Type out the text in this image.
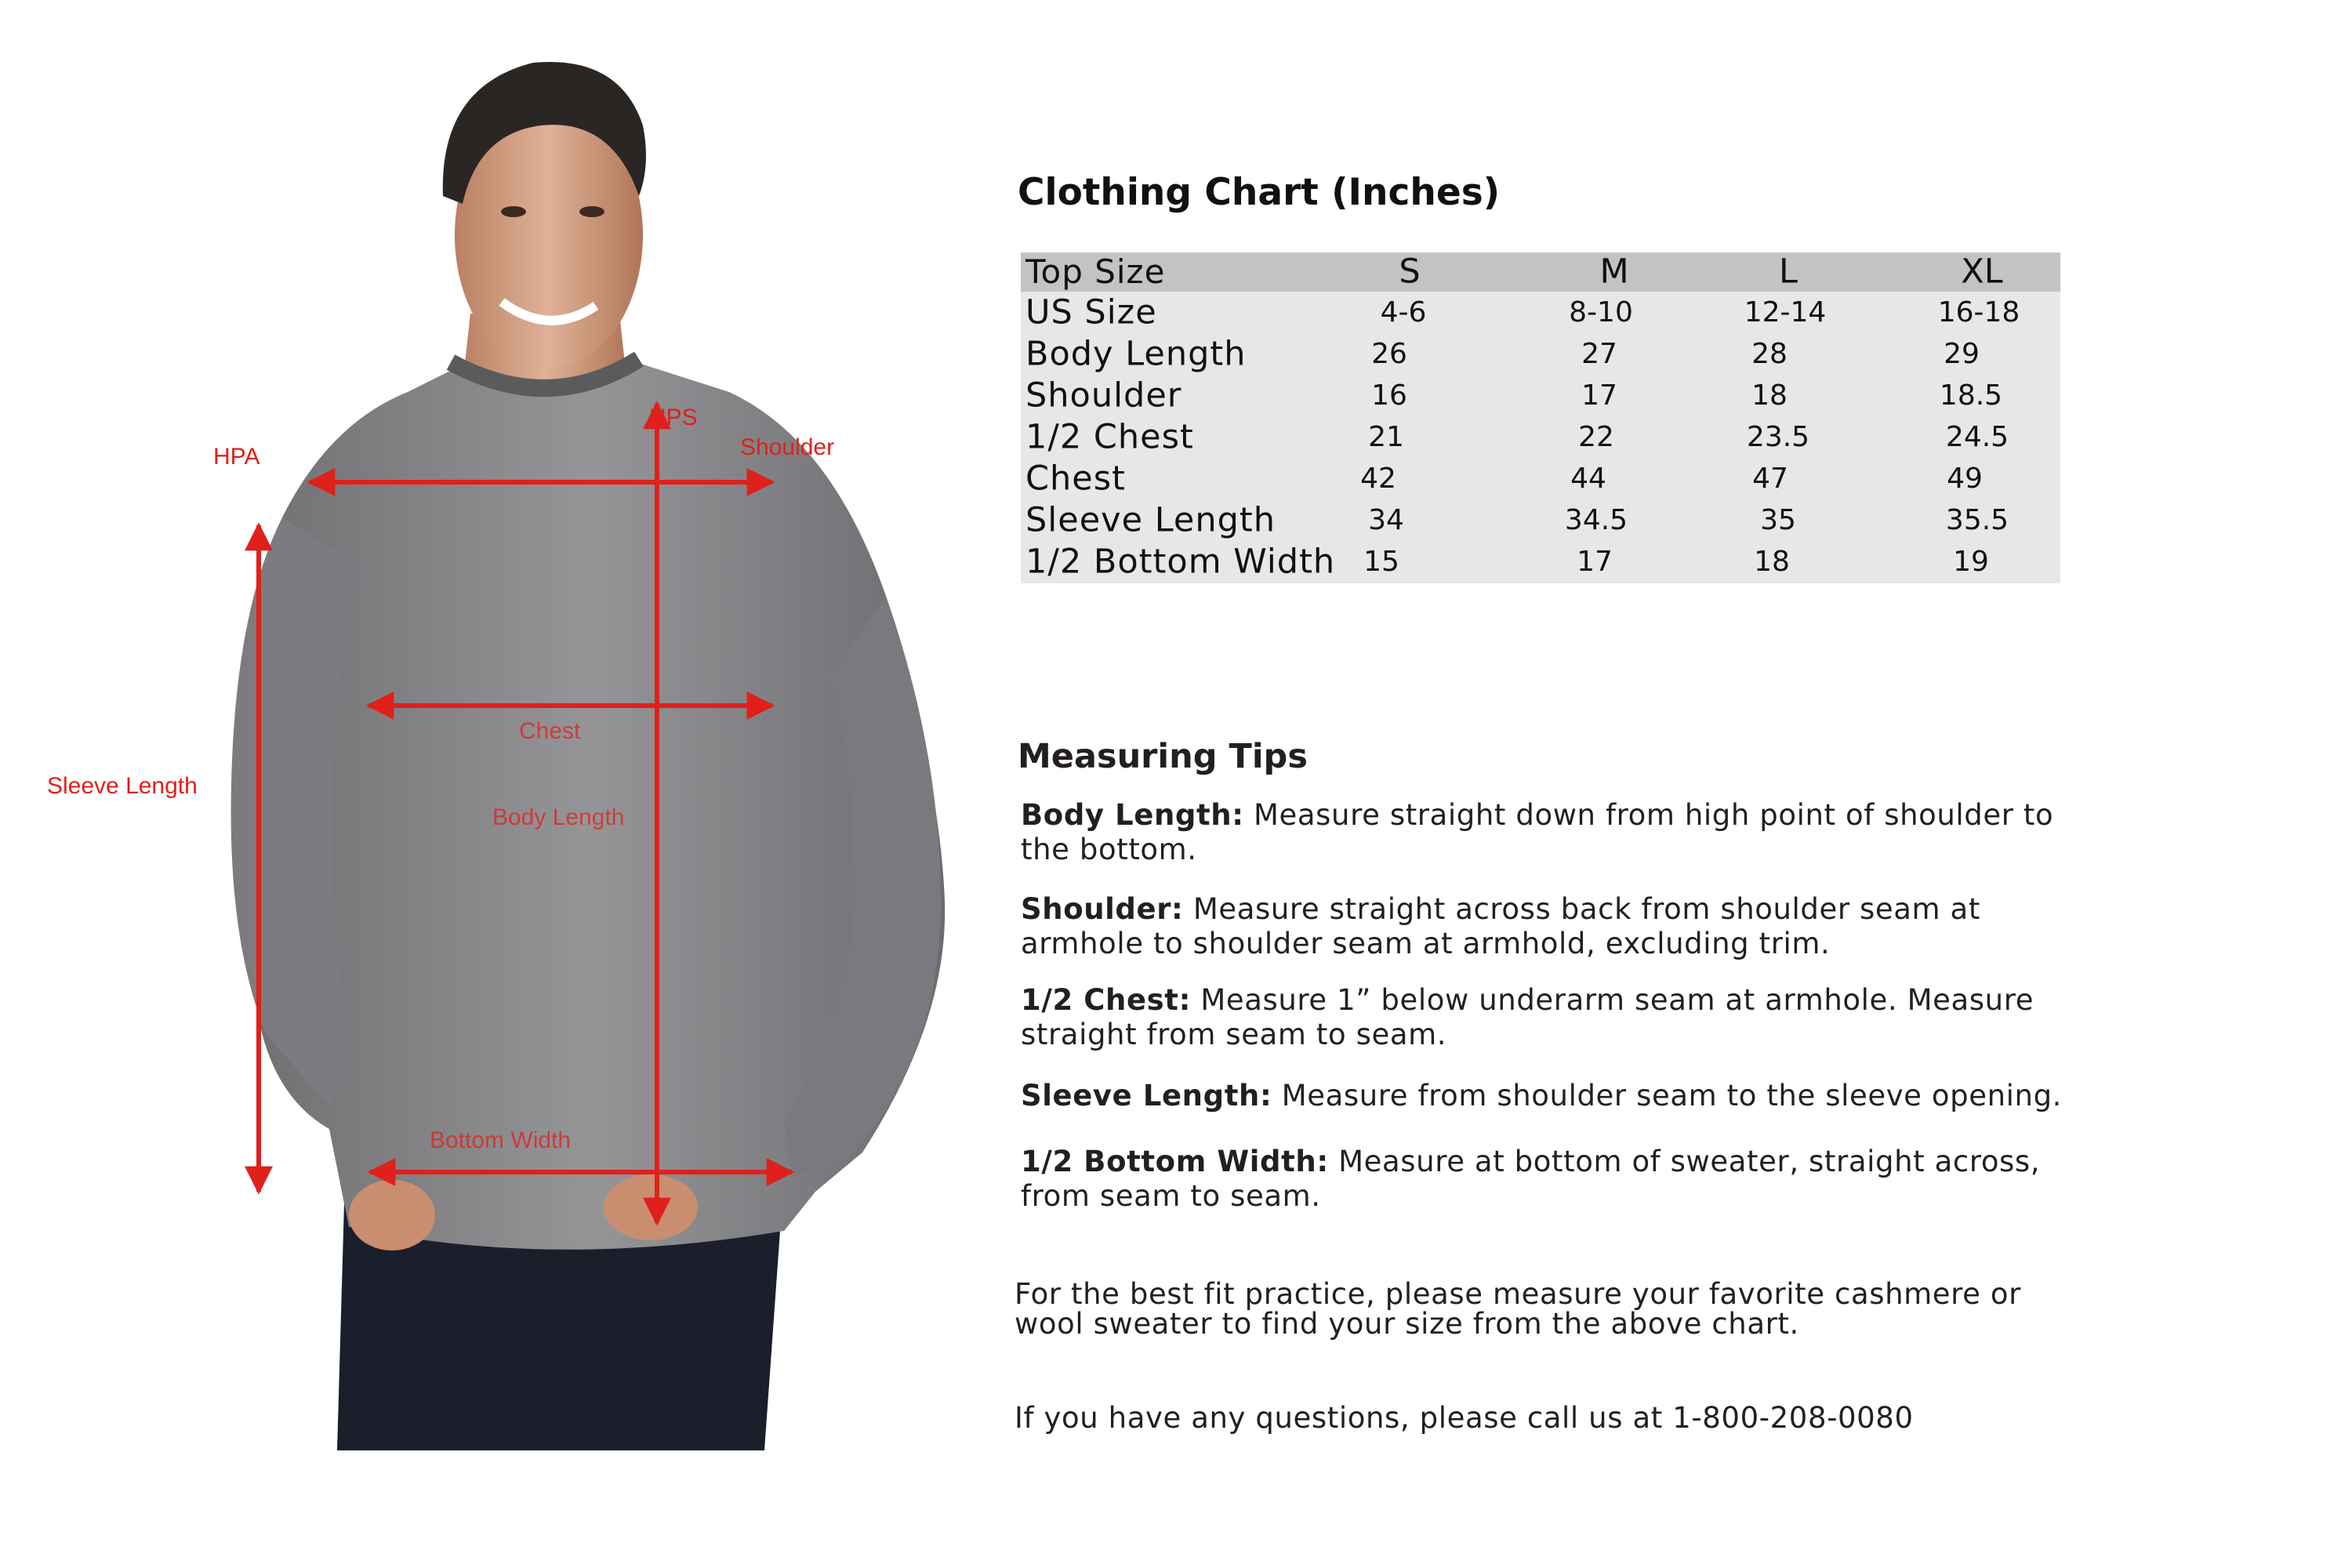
HPS
HPA	Shoulder
Chest
Sleeve Length
Body Length
Bottom Width
Clothing Chart (Inches)
Top Size	S	M	L	XL
US Size	4-6	8-10	12-14	16-18
Body Length	26	27	28	29
Shoulder	16	17	18	18.5
1/2 Chest	21	22	23.5	24.5
Chest	42	44	47	49
Sleeve Length	34	34.5	35	35.5
1/2 Bottom Width 15	17	18	19
Measuring Tips
Body Length: Measure straight down from high point of shoulder to the bottom.
Shoulder: Measure straight across back from shoulder seam at armhole to shoulder seam at armhold, excluding trim.
1/2 Chest: Measure 1” below underarm seam at armhole. Measure straight from seam to seam.
Sleeve Length: Measure from shoulder seam to the sleeve opening.
1/2 Bottom Width: Measure at bottom of sweater, straight across, from seam to seam.
For the best fit practice, please measure your favorite cashmere or wool sweater to find your size from the above chart.
If you have any questions, please call us at 1-800-208-0080
